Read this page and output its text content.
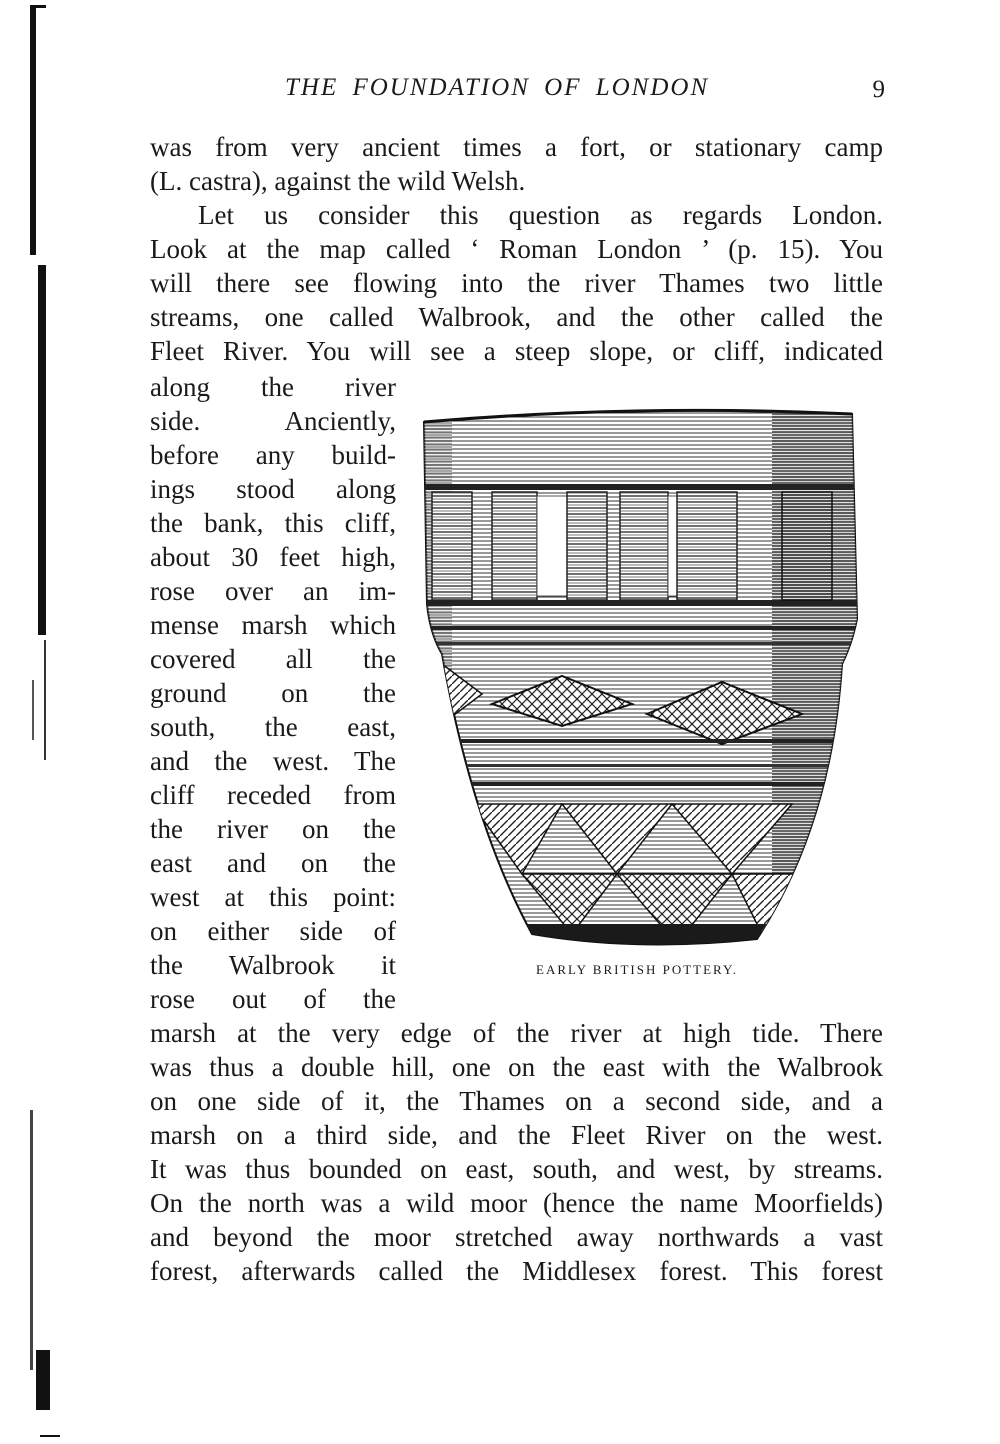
THE FOUNDATION OF LONDON	9
was from very ancient times a fort, or stationary camp
(L. castra), against the wild Welsh.
Let us consider this question as regards London.
Look at the map called ‘ Roman London ’ (p. 15). You
will there see flowing into the river Thames two little
streams, one called Walbrook, and the other called the
Fleet River. You will see a steep slope, or cliff, indicated
along the river
side. Anciently,
before any build-
ings stood along
the bank, this cliff,
about 30 feet high,
rose over an im-
mense marsh which
covered all the
ground on the
south, the east,
and the west. The
cliff receded from
the river on the
east and on the
west at this point:
on either side of
the Walbrook it
rose out of the
marsh at the very edge of the river at high tide. There
was thus a double hill, one on the east with the Walbrook
on one side of it, the Thames on a second side, and a
marsh on a third side, and the Fleet River on the west.
It was thus bounded on east, south, and west, by streams.
On the north was a wild moor (hence the name Moorfields)
and beyond the moor stretched away northwards a vast
forest, afterwards called the Middlesex forest. This forest
EARLY BRITISH POTTERY.
